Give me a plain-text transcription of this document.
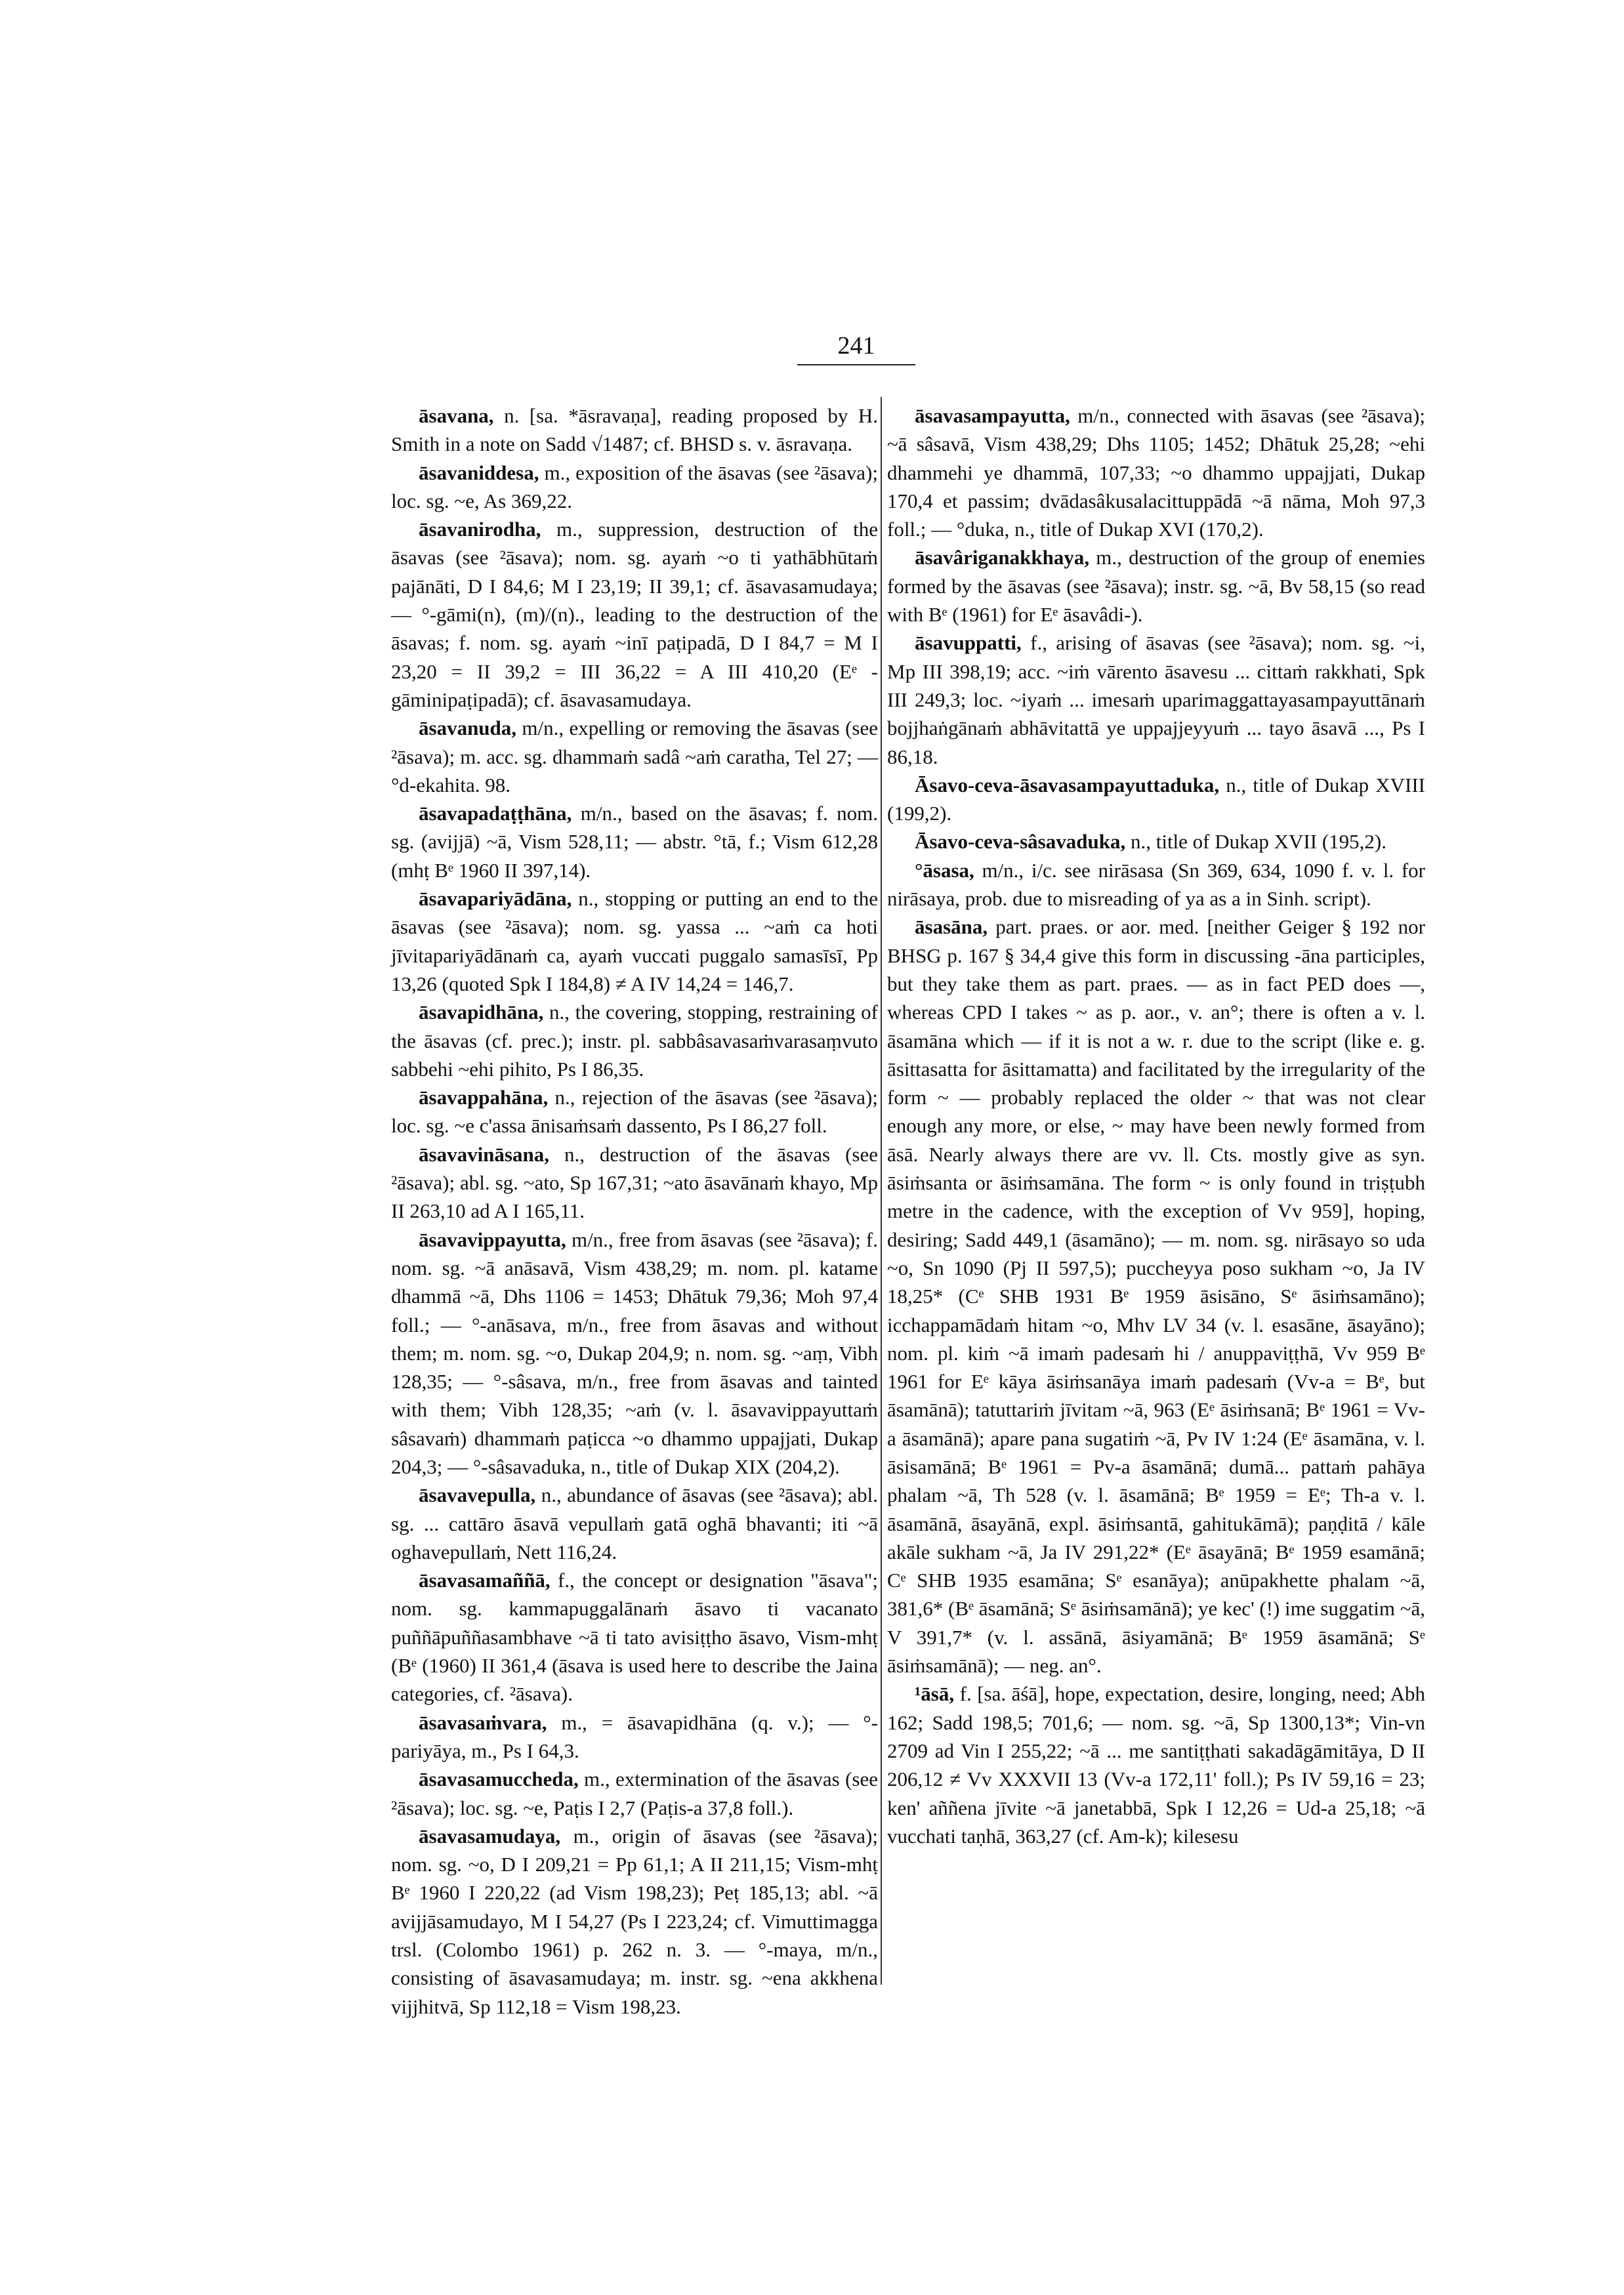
241

āsavana, n. [sa. *āsravaṇa], reading proposed by H. Smith in a note on Sadd √1487; cf. BHSD s. v. āsravaṇa.

āsavaniddesa, m., exposition of the āsavas (see ²āsava); loc. sg. ~e, As 369,22.

āsavanirodha, m., suppression, destruction of the āsavas (see ²āsava); nom. sg. ayaṁ ~o ti yathābhūtaṁ pajānāti, D I 84,6; M I 23,19; II 39,1; cf. āsavasamudaya; — °-gāmi(n), (m)/(n)., leading to the destruction of the āsavas; f. nom. sg. ayaṁ ~inī paṭipadā, D I 84,7 = M I 23,20 = II 39,2 = III 36,22 = A III 410,20 (Eᵉ -gāminipaṭipadā); cf. āsavasamudaya.

āsavanuda, m/n., expelling or removing the āsavas (see ²āsava); m. acc. sg. dhammaṁ sadâ ~aṁ caratha, Tel 27; — °d-ekahita. 98.

āsavapadaṭṭhāna, m/n., based on the āsavas; f. nom. sg. (avijjā) ~ā, Vism 528,11; — abstr. °tā, f.; Vism 612,28 (mhṭ Bᵉ 1960 II 397,14).

āsavapariyādāna, n., stopping or putting an end to the āsavas (see ²āsava); nom. sg. yassa ... ~aṁ ca hoti jīvitapariyādānaṁ ca, ayaṁ vuccati puggalo samasīsī, Pp 13,26 (quoted Spk I 184,8) ≠ A IV 14,24 = 146,7.

āsavapidhāna, n., the covering, stopping, restraining of the āsavas (cf. prec.); instr. pl. sabbâsavasaṁvarasaṃvuto sabbehi ~ehi pihito, Ps I 86,35.

āsavappahāna, n., rejection of the āsavas (see ²āsava); loc. sg. ~e c'assa ānisaṁsaṁ dassento, Ps I 86,27 foll.

āsavavināsana, n., destruction of the āsavas (see ²āsava); abl. sg. ~ato, Sp 167,31; ~ato āsavānaṁ khayo, Mp II 263,10 ad A I 165,11.

āsavavippayutta, m/n., free from āsavas (see ²āsava); f. nom. sg. ~ā anāsavā, Vism 438,29; m. nom. pl. katame dhammā ~ā, Dhs 1106 = 1453; Dhātuk 79,36; Moh 97,4 foll.; — °-anāsava, m/n., free from āsavas and without them; m. nom. sg. ~o, Dukap 204,9; n. nom. sg. ~aṃ, Vibh 128,35; — °-sâsava, m/n., free from āsavas and tainted with them; Vibh 128,35; ~aṁ (v. l. āsavavippayuttaṁ sâsavaṁ) dhammaṁ paṭicca ~o dhammo uppajjati, Dukap 204,3; — °-sâsavaduka, n., title of Dukap XIX (204,2).

āsavavepulla, n., abundance of āsavas (see ²āsava); abl. sg. ... cattāro āsavā vepullaṁ gatā oghā bhavanti; iti ~ā oghavepullaṁ, Nett 116,24.

āsavasamaññā, f., the concept or designation "āsava"; nom. sg. kammapuggalānaṁ āsavo ti vacanato puññāpuññasambhave ~ā ti tato avisiṭṭho āsavo, Vism-mhṭ (Bᵉ (1960) II 361,4 (āsava is used here to describe the Jaina categories, cf. ²āsava).

āsavasaṁvara, m., = āsavapidhāna (q. v.); — °-pariyāya, m., Ps I 64,3.

āsavasamuccheda, m., extermination of the āsavas (see ²āsava); loc. sg. ~e, Paṭis I 2,7 (Paṭis-a 37,8 foll.).

āsavasamudaya, m., origin of āsavas (see ²āsava); nom. sg. ~o, D I 209,21 = Pp 61,1; A II 211,15; Vism-mhṭ Bᵉ 1960 I 220,22 (ad Vism 198,23); Peṭ 185,13; abl. ~ā avijjāsamudayo, M I 54,27 (Ps I 223,24; cf. Vimuttimagga trsl. (Colombo 1961) p. 262 n. 3. — °-maya, m/n., consisting of āsavasamudaya; m. instr. sg. ~ena akkhena vijjhitvā, Sp 112,18 = Vism 198,23.

āsavasampayutta, m/n., connected with āsavas (see ²āsava); ~ā sâsavā, Vism 438,29; Dhs 1105; 1452; Dhātuk 25,28; ~ehi dhammehi ye dhammā, 107,33; ~o dhammo uppajjati, Dukap 170,4 et passim; dvādasâkusalacittuppādā ~ā nāma, Moh 97,3 foll.; — °duka, n., title of Dukap XVI (170,2).

āsavâriganakkhaya, m., destruction of the group of enemies formed by the āsavas (see ²āsava); instr. sg. ~ā, Bv 58,15 (so read with Bᵉ (1961) for Eᵉ āsavâdi-).

āsavuppatti, f., arising of āsavas (see ²āsava); nom. sg. ~i, Mp III 398,19; acc. ~iṁ vārento āsavesu ... cittaṁ rakkhati, Spk III 249,3; loc. ~iyaṁ ... imesaṁ uparimaggattayasampayuttānaṁ bojjhaṅgānaṁ abhāvitattā ye uppajjeyyuṁ ... tayo āsavā ..., Ps I 86,18.

Āsavo-ceva-āsavasampayuttaduka, n., title of Dukap XVIII (199,2).

Āsavo-ceva-sâsavaduka, n., title of Dukap XVII (195,2).

°āsasa, m/n., i/c. see nirāsasa (Sn 369, 634, 1090 f. v. l. for nirāsaya, prob. due to misreading of ya as a in Sinh. script).

āsasāna, part. praes. or aor. med. [neither Geiger § 192 nor BHSG p. 167 § 34,4 give this form in discussing -āna participles, but they take them as part. praes. — as in fact PED does —, whereas CPD I takes ~ as p. aor., v. an°; there is often a v. l. āsamāna which — if it is not a w. r. due to the script (like e. g. āsittasatta for āsittamatta) and facilitated by the irregularity of the form ~ — probably replaced the older ~ that was not clear enough any more, or else, ~ may have been newly formed from āsā. Nearly always there are vv. ll. Cts. mostly give as syn. āsiṁsanta or āsiṁsamāna. The form ~ is only found in triṣṭubh metre in the cadence, with the exception of Vv 959], hoping, desiring; Sadd 449,1 (āsamāno); — m. nom. sg. nirāsayo so uda ~o, Sn 1090 (Pj II 597,5); puccheyya poso sukham ~o, Ja IV 18,25* (Cᵉ SHB 1931 Bᵉ 1959 āsisāno, Sᵉ āsiṁsamāno); icchappamādaṁ hitam ~o, Mhv LV 34 (v. l. esasāne, āsayāno); nom. pl. kiṁ ~ā imaṁ padesaṁ hi / anuppaviṭṭhā, Vv 959 Bᵉ 1961 for Eᵉ kāya āsiṁsanāya imaṁ padesaṁ (Vv-a = Bᵉ, but āsamānā); tatuttariṁ jīvitam ~ā, 963 (Eᵉ āsiṁsanā; Bᵉ 1961 = Vv-a āsamānā); apare pana sugatiṁ ~ā, Pv IV 1:24 (Eᵉ āsamāna, v. l. āsisamānā; Bᵉ 1961 = Pv-a āsamānā; dumā... pattaṁ pahāya phalam ~ā, Th 528 (v. l. āsamānā; Bᵉ 1959 = Eᵉ; Th-a v. l. āsamānā, āsayānā, expl. āsiṁsantā, gahitukāmā); paṇḍitā / kāle akāle sukham ~ā, Ja IV 291,22* (Eᵉ āsayānā; Bᵉ 1959 esamānā; Cᵉ SHB 1935 esamāna; Sᵉ esanāya); anūpakhette phalam ~ā, 381,6* (Bᵉ āsamānā; Sᵉ āsiṁsamānā); ye kec' (!) ime suggatim ~ā, V 391,7* (v. l. assānā, āsiyamānā; Bᵉ 1959 āsamānā; Sᵉ āsiṁsamānā); — neg. an°.

¹āsā, f. [sa. āśā], hope, expectation, desire, longing, need; Abh 162; Sadd 198,5; 701,6; — nom. sg. ~ā, Sp 1300,13*; Vin-vn 2709 ad Vin I 255,22; ~ā ... me santiṭṭhati sakadāgāmitāya, D II 206,12 ≠ Vv XXXVII 13 (Vv-a 172,11' foll.); Ps IV 59,16 = 23; ken' aññena jīvite ~ā janetabbā, Spk I 12,26 = Ud-a 25,18; ~ā vucchati taṇhā, 363,27 (cf. Am-k); kilesesu
